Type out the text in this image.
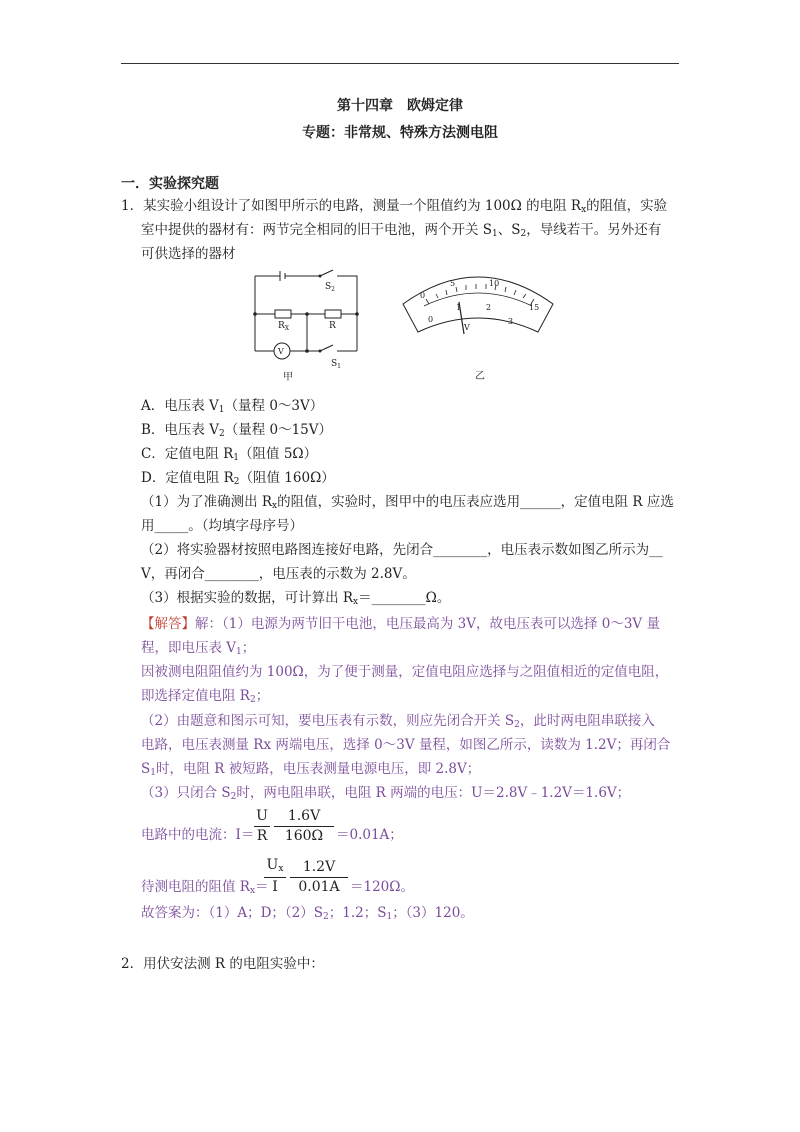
第十四章　欧姆定律
专题：非常规、特殊方法测电阻
一．实验探究题
1．某实验小组设计了如图甲所示的电路，测量一个阻值约为 100Ω 的电阻 $R_x$的阻值，实验
室中提供的器材有：两节完全相同的旧干电池，两个开关 $S_1$、$S_2$，导线若干。另外还有
可供选择的器材
$S_2$
$R_X$	R
V
$S_1$
甲
0
5	10
15
0
1	2
3
V
乙
A．电压表 $V_1$（量程 0～3V）
B．电压表 $V_2$（量程 0～15V）
C．定值电阻 $R_1$（阻值 5Ω）
D．定值电阻 $R_2$（阻值 160Ω）
（1）为了准确测出 $R_x$的阻值，实验时，图甲中的电压表应选用______，定值电阻 R 应选
用_____。（均填字母序号）
（2）将实验器材按照电路图连接好电路，先闭合________，电压表示数如图乙所示为__
V，再闭合________，电压表的示数为 2.8V。
（3）根据实验的数据，可计算出 $R_x=\_\_\_\_\_\_\_\_\Omega$。
【解答】解：（1）电源为两节旧干电池，电压最高为 3V，故电压表可以选择 0～3V 量
程，即电压表 $V_1$；
因被测电阻阻值约为 100Ω，为了便于测量，定值电阻应选择与之阻值相近的定值电阻，
即选择定值电阻 $R_2$；
（2）由题意和图示可知，要电压表有示数，则应先闭合开关 $S_2$，此时两电阻串联接入
电路，电压表测量 Rx 两端电压，选择 0～3V 量程，如图乙所示，读数为 1.2V；再闭合
$S_1$时，电阻 R 被短路，电压表测量电源电压，即 2.8V；
（3）只闭合 $S_2$时，两电阻串联，电阻 R 两端的电压：U＝2.8V﹣1.2V＝1.6V；
电路中的电流：I＝
U
R
1.6V
160Ω ＝0.01A；
待测电阻的阻值 $R_x=$
$U_x$
I
1.2V
0.01A ＝120Ω。
故答案为：（1）A；D；$(2)S_2$；1.2；$S_1$；（3）120。
2．用伏安法测 R 的电阻实验中：
